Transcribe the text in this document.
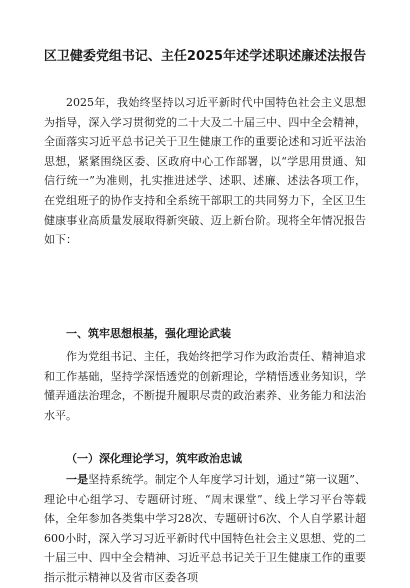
区卫健委党组书记、主任2025年述学述职述廉述法报告
2025年，我始终坚持以习近平新时代中国特色社会主义思想为指导，深入学习贯彻党的二十大及二十届三中、四中全会精神，全面落实习近平总书记关于卫生健康工作的重要论述和习近平法治思想，紧紧围绕区委、区政府中心工作部署，以“学思用贯通、知信行统一”为准则，扎实推进述学、述职、述廉、述法各项工作，在党组班子的协作支持和全系统干部职工的共同努力下，全区卫生健康事业高质量发展取得新突破、迈上新台阶。现将全年情况报告如下：
一、筑牢思想根基，强化理论武装
作为党组书记、主任，我始终把学习作为政治责任、精神追求和工作基础，坚持学深悟透党的创新理论，学精悟透业务知识，学懂弄通法治理念，不断提升履职尽责的政治素养、业务能力和法治水平。
（一）深化理论学习，筑牢政治忠诚
一是坚持系统学。制定个人年度学习计划，通过“第一议题”、理论中心组学习、专题研讨班、“周末课堂”、线上学习平台等载体，全年参加各类集中学习28次、专题研讨6次、个人自学累计超600小时，深入学习习近平新时代中国特色社会主义思想、党的二十届三中、四中全会精神、习近平总书记关于卫生健康工作的重要指示批示精神以及省市区委各项
